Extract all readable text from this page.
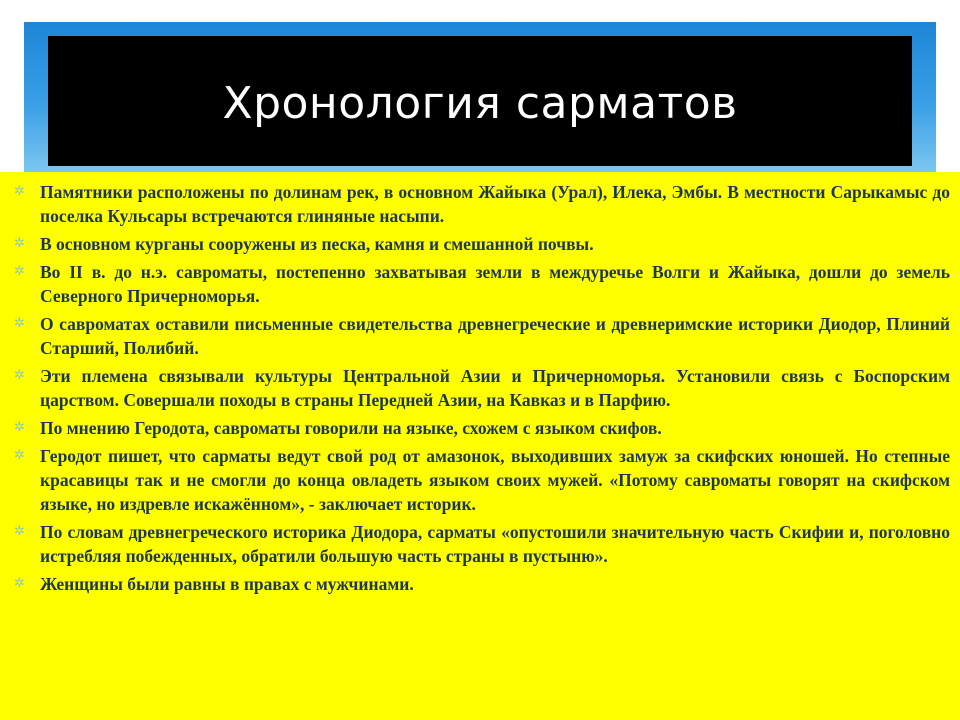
Хронология сарматов
✲ Памятники расположены по долинам рек, в основном Жайыка (Урал), Илека, Эмбы. В местности Сарыкамыс до поселка Кульсары встречаются глиняные насыпи.
✲ В основном курганы сооружены из песка, камня и смешанной почвы.
✲ Во II в. до н.э. савроматы, постепенно захватывая земли в междуречье Волги и Жайыка, дошли до земель Северного Причерноморья.
✲ О савроматах оставили письменные свидетельства древнегреческие и древнеримские историки Диодор, Плиний Старший, Полибий.
✲ Эти племена связывали культуры Центральной Азии и Причерноморья. Установили связь с Боспорским царством. Совершали походы в страны Передней Азии, на Кавказ и в Парфию.
✲ По мнению Геродота, савроматы говорили на языке, схожем с языком скифов.
✲ Геродот пишет, что сарматы ведут свой род от амазонок, выходивших замуж за скифских юношей. Но степные красавицы так и не смогли до конца овладеть языком своих мужей. «Потому савроматы говорят на скифском языке, но издревле искажённом», - заключает историк.
✲ По словам древнегреческого историка Диодора, сарматы «опустошили значительную часть Скифии и, поголовно истребляя побежденных, обратили большую часть страны в пустыню».
✲ Женщины были равны в правах с мужчинами.
